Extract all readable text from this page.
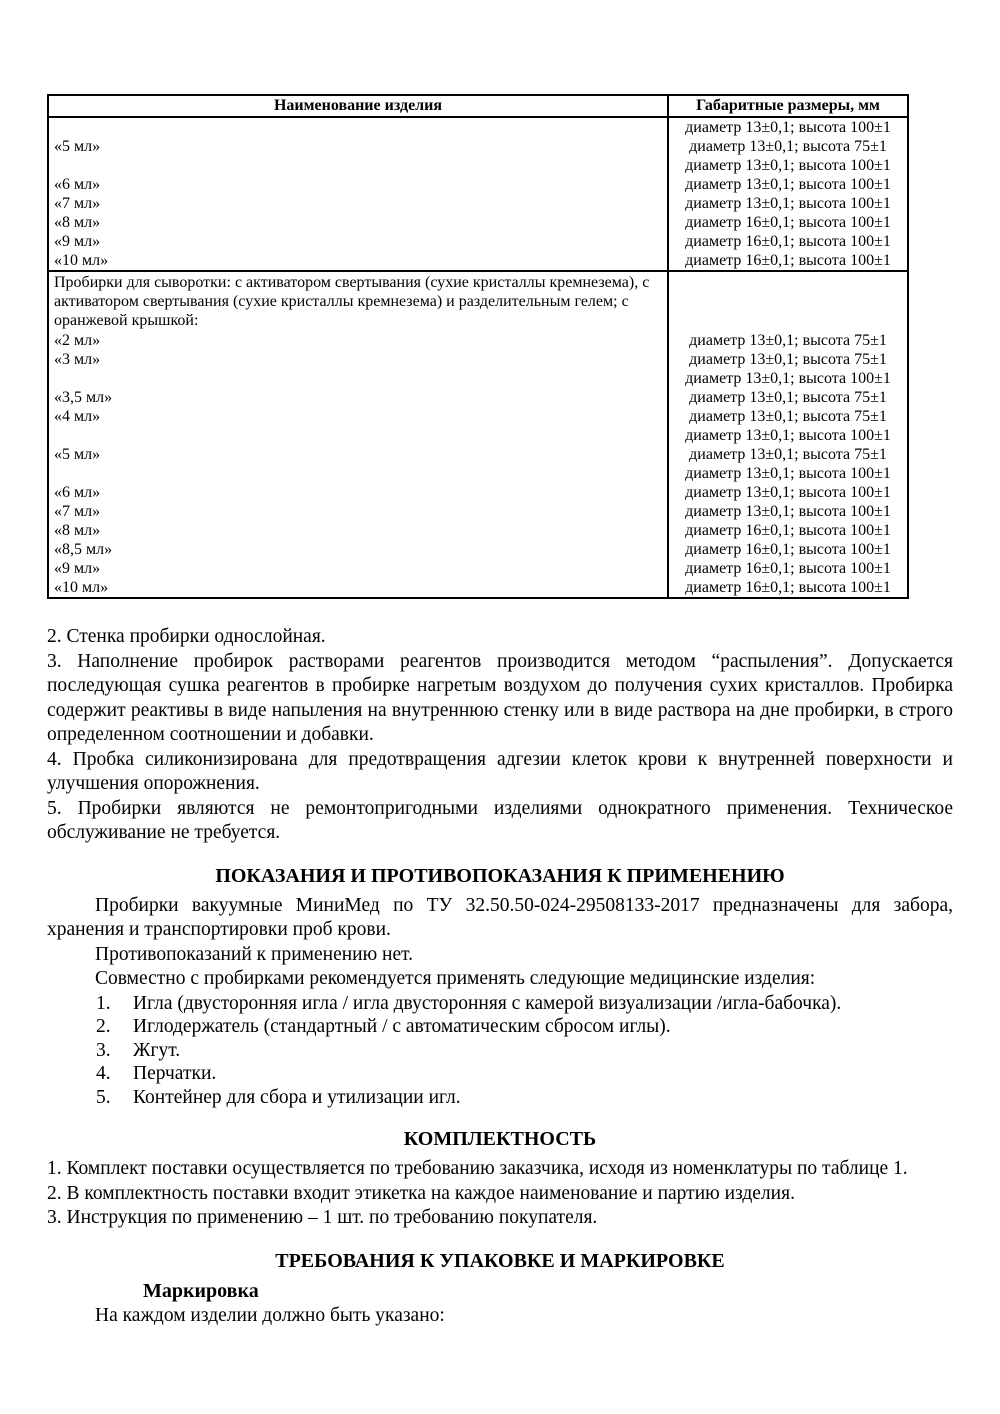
Наименование изделия	Габаритные размеры, мм
	диаметр 13±0,1; высота 100±1
«5 мл»	диаметр 13±0,1; высота 75±1
	диаметр 13±0,1; высота 100±1
«6 мл»	диаметр 13±0,1; высота 100±1
«7 мл»	диаметр 13±0,1; высота 100±1
«8 мл»	диаметр 16±0,1; высота 100±1
«9 мл»	диаметр 16±0,1; высота 100±1
«10 мл»	диаметр 16±0,1; высота 100±1
Пробирки для сыворотки: с активатором свертывания (сухие кристаллы кремнезема), с активатором свертывания (сухие кристаллы кремнезема) и разделительным гелем; с оранжевой крышкой:	
«2 мл»	диаметр 13±0,1; высота 75±1
«3 мл»	диаметр 13±0,1; высота 75±1
	диаметр 13±0,1; высота 100±1
«3,5 мл»	диаметр 13±0,1; высота 75±1
«4 мл»	диаметр 13±0,1; высота 75±1
	диаметр 13±0,1; высота 100±1
«5 мл»	диаметр 13±0,1; высота 75±1
	диаметр 13±0,1; высота 100±1
«6 мл»	диаметр 13±0,1; высота 100±1
«7 мл»	диаметр 13±0,1; высота 100±1
«8 мл»	диаметр 16±0,1; высота 100±1
«8,5 мл»	диаметр 16±0,1; высота 100±1
«9 мл»	диаметр 16±0,1; высота 100±1
«10 мл»	диаметр 16±0,1; высота 100±1

2. Стенка пробирки однослойная.

3. Наполнение пробирок растворами реагентов производится методом “распыления”. Допускается последующая сушка реагентов в пробирке нагретым воздухом до получения сухих кристаллов. Пробирка содержит реактивы в виде напыления на внутреннюю стенку или в виде раствора на дне пробирки, в строго определенном соотношении и добавки.

4. Пробка силиконизирована для предотвращения адгезии клеток крови к внутренней поверхности и улучшения опорожнения.

5. Пробирки являются не ремонтопригодными изделиями однократного применения. Техническое обслуживание не требуется.

ПОКАЗАНИЯ И ПРОТИВОПОКАЗАНИЯ К ПРИМЕНЕНИЮ

Пробирки вакуумные МиниМед по ТУ 32.50.50-024-29508133-2017 предназначены для забора, хранения и транспортировки проб крови.

Противопоказаний к применению нет.

Совместно с пробирками рекомендуется применять следующие медицинские изделия:

1.	Игла (двусторонняя игла / игла двусторонняя с камерой визуализации /игла-бабочка).
2.	Иглодержатель (стандартный / с автоматическим сбросом иглы).
3.	Жгут.
4.	Перчатки.
5.	Контейнер для сбора и утилизации игл.
КОМПЛЕКТНОСТЬ

1. Комплект поставки осуществляется по требованию заказчика, исходя из номенклатуры по таблице 1.

2. В комплектность поставки входит этикетка на каждое наименование и партию изделия.

3. Инструкция по применению – 1 шт. по требованию покупателя.

ТРЕБОВАНИЯ К УПАКОВКЕ И МАРКИРОВКЕ
Маркировка

На каждом изделии должно быть указано:
